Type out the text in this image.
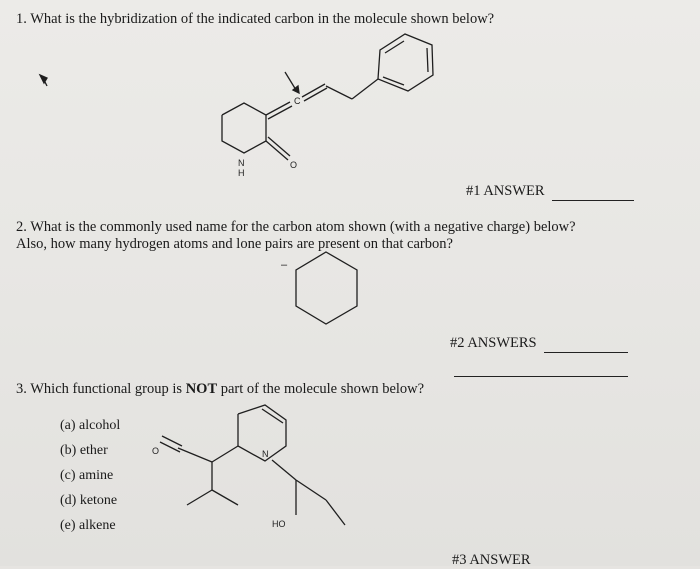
1. What is the hybridization of the indicated carbon in the molecule shown below?
C
N
H
O
–
O	N
HO
#1 ANSWER
2. What is the commonly used name for the carbon atom shown (with a negative charge) below?
Also, how many hydrogen atoms and lone pairs are present on that carbon?
#2 ANSWERS
3. Which functional group is NOT part of the molecule shown below?
(a) alcohol
(b) ether
(c) amine
(d) ketone
(e) alkene
#3 ANSWER
